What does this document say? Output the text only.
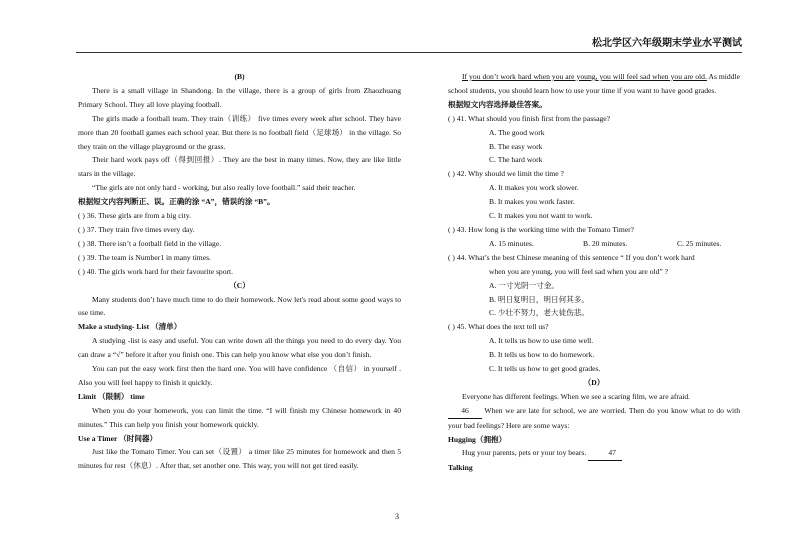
松北学区六年级期末学业水平测试
(B)
There is a small village in Shandong. In the village, there is a group of girls from Zhaozhuang Primary School. They all love playing football.
The girls made a football team. They train（训练） five times every week after school. They have more than 20 football games each school year. But there is no football field（足球场） in the village. So they train on the village playground or the grass.
Their hard work pays off（得到回报）. They are the best in many times. Now, they are like little stars in the village.
“The girls are not only hard - working, but also really love football.” said their teacher.
根据短文内容判断正、误。正确的涂 “A”，错误的涂 “B”。
( ) 36. These girls are from a big city.
( ) 37. They train five times every day.
( ) 38. There isn’t a football field in the village.
( ) 39. The team is Number1 in many times.
( ) 40. The girls work hard for their favourite sport.
（C）
Many students don’t have much time to do their homework. Now let's read about some good ways to use time.
Make a studying- List （清单）
A studying -list is easy and useful. You can write down all the things you need to do every day. You can draw a “√” before it after you finish one. This can help you know what else you don’t finish.
You can put the easy work first then the hard one. You will have confidence （自信） in yourself . Also you will feel happy to finish it quickly.
Limit （限制） time
When you do your homework, you can limit the time. “I will finish my Chinese homework in 40 minutes.” This can help you finish your homework quickly.
Use a Timer （时间器）
Just like the Tomato Timer. You can set（设置） a timer like 25 minutes for homework and then 5 minutes for rest（休息）. After that, set another one. This way, you will not get tired easily.
If you don’t work hard when you are young, you will feel sad when you are old. As middle school students, you should learn how to use your time if you want to have good grades.
根据短文内容选择最佳答案。
( ) 41. What should you finish first from the passage?
A. The good work
B. The easy work
C. The hard work
( ) 42. Why should we limit the time ?
A. It makes you work slower.
B. It makes you work faster.
C. It makes you not want to work.
( ) 43. How long is the working time with the Tomato Timer?
A. 15 minutes.	B. 20 minutes.	C. 25 minutes.
( ) 44. What’s the best Chinese meaning of this sentence “ If you don’t work hard
when you are young, you will feel sad when you are old” ?
A. 一寸光阴一寸金。
B. 明日复明日，明日何其多。
C. 少壮不努力，老大徒伤悲。
( ) 45. What does the text tell us?
A. It tells us how to use time well.
B. It tells us how to do homework.
C. It tells us how to get good grades.
（D）
Everyone has different feelings. When we see a scaring film, we are afraid.
46 When we are late for school, we are worried. Then do you know what to do with your bad feelings? Here are some ways:
Hugging（拥抱）
Hug your parents, pets or your toy bears.	47
Talking
3
